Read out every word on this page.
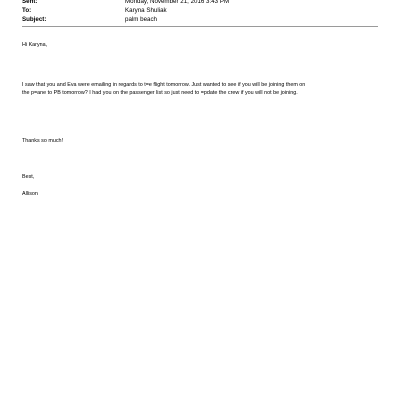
Sent:	Monday, November 21, 2016 3:43 PM
To:	Karyna Shuliak
Subject:	palm beach

Hi Karyna,

I saw that you and Eva were emailing in regards to t=e flight tomorrow. Just wanted to see if you will be joining them on

the p=ane to PB tomorrow? I had you on the passenger list so just need to =pdate the crew if you will not be joining.

Thanks so much!

Best,

Allison
